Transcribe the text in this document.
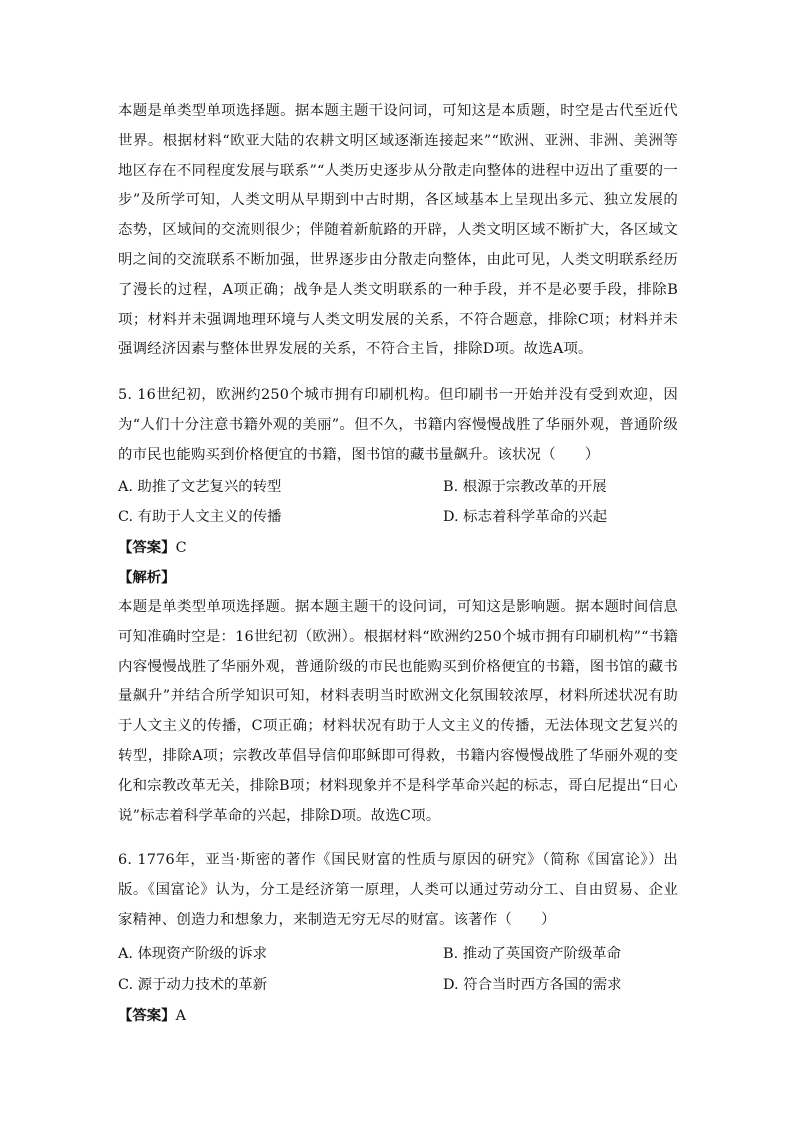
本题是单类型单项选择题。据本题主题干设问词，可知这是本质题，时空是古代至近代世界。根据材料“欧亚大陆的农耕文明区域逐渐连接起来”“欧洲、亚洲、非洲、美洲等地区存在不同程度发展与联系”“人类历史逐步从分散走向整体的进程中迈出了重要的一步”及所学可知，人类文明从早期到中古时期，各区域基本上呈现出多元、独立发展的态势，区域间的交流则很少；伴随着新航路的开辟，人类文明区域不断扩大，各区域文明之间的交流联系不断加强，世界逐步由分散走向整体，由此可见，人类文明联系经历了漫长的过程，A项正确；战争是人类文明联系的一种手段，并不是必要手段，排除B项；材料并未强调地理环境与人类文明发展的关系，不符合题意，排除C项；材料并未强调经济因素与整体世界发展的关系，不符合主旨，排除D项。故选A项。
5. 16世纪初，欧洲约250个城市拥有印刷机构。但印刷书一开始并没有受到欢迎，因为“人们十分注意书籍外观的美丽”。但不久，书籍内容慢慢战胜了华丽外观，普通阶级的市民也能购买到价格便宜的书籍，图书馆的藏书量飙升。该状况（　　）
A. 助推了文艺复兴的转型	B. 根源于宗教改革的开展
C. 有助于人文主义的传播	D. 标志着科学革命的兴起
【答案】C
【解析】
本题是单类型单项选择题。据本题主题干的设问词，可知这是影响题。据本题时间信息可知准确时空是：16世纪初（欧洲）。根据材料“欧洲约250个城市拥有印刷机构”“书籍内容慢慢战胜了华丽外观，普通阶级的市民也能购买到价格便宜的书籍，图书馆的藏书量飙升”并结合所学知识可知，材料表明当时欧洲文化氛围较浓厚，材料所述状况有助于人文主义的传播，C项正确；材料状况有助于人文主义的传播，无法体现文艺复兴的转型，排除A项；宗教改革倡导信仰耶稣即可得救，书籍内容慢慢战胜了华丽外观的变化和宗教改革无关，排除B项；材料现象并不是科学革命兴起的标志，哥白尼提出“日心说”标志着科学革命的兴起，排除D项。故选C项。
6. 1776年，亚当·斯密的著作《国民财富的性质与原因的研究》（简称《国富论》）出版。《国富论》认为，分工是经济第一原理，人类可以通过劳动分工、自由贸易、企业家精神、创造力和想象力，来制造无穷无尽的财富。该著作（　　）
A. 体现资产阶级的诉求	B. 推动了英国资产阶级革命
C. 源于动力技术的革新	D. 符合当时西方各国的需求
【答案】A
